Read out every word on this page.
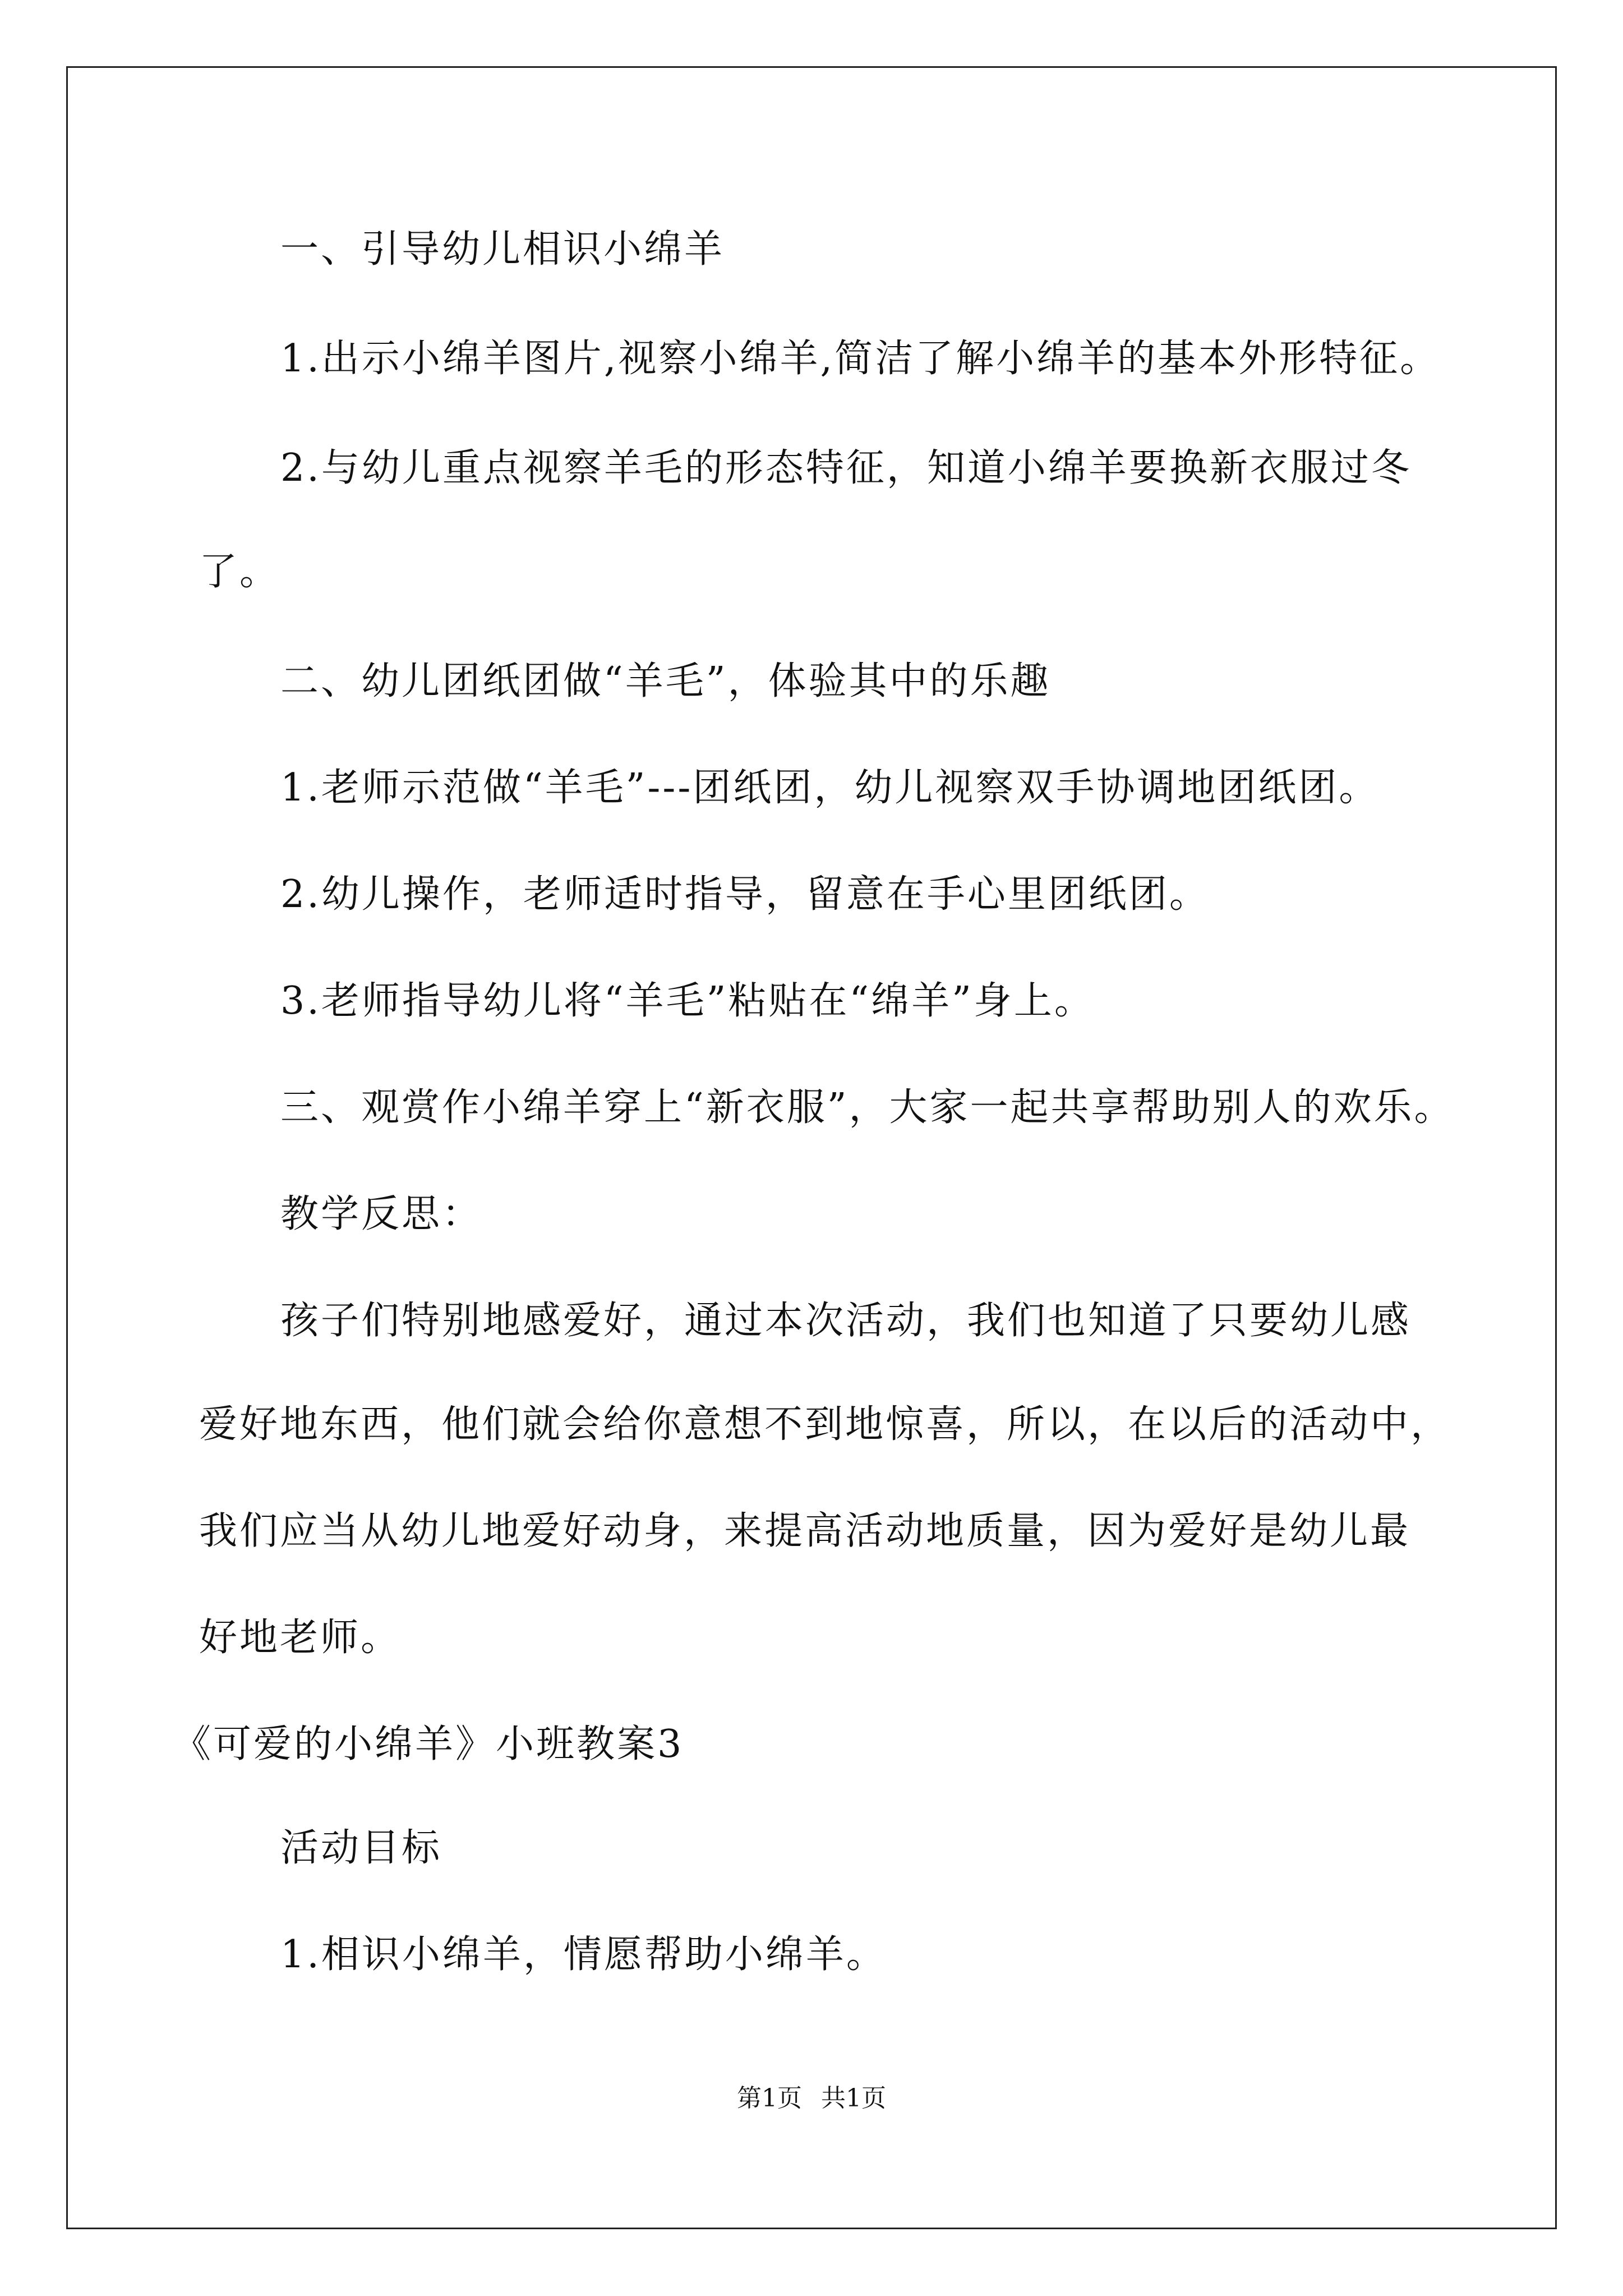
一、引导幼儿相识小绵羊
1.出示小绵羊图片,视察小绵羊,简洁了解小绵羊的基本外形特征。
2.与幼儿重点视察羊毛的形态特征，知道小绵羊要换新衣服过冬
了。
二、幼儿团纸团做“羊毛”，体验其中的乐趣
1.老师示范做“羊毛”---团纸团，幼儿视察双手协调地团纸团。
2.幼儿操作，老师适时指导，留意在手心里团纸团。
3.老师指导幼儿将“羊毛”粘贴在“绵羊”身上。
三、观赏作小绵羊穿上“新衣服”，大家一起共享帮助别人的欢乐。
教学反思：
孩子们特别地感爱好，通过本次活动，我们也知道了只要幼儿感
爱好地东西，他们就会给你意想不到地惊喜，所以，在以后的活动中，
我们应当从幼儿地爱好动身，来提高活动地质量，因为爱好是幼儿最
好地老师。
《可爱的小绵羊》小班教案3
活动目标
1.相识小绵羊，情愿帮助小绵羊。
第1页 共1页
